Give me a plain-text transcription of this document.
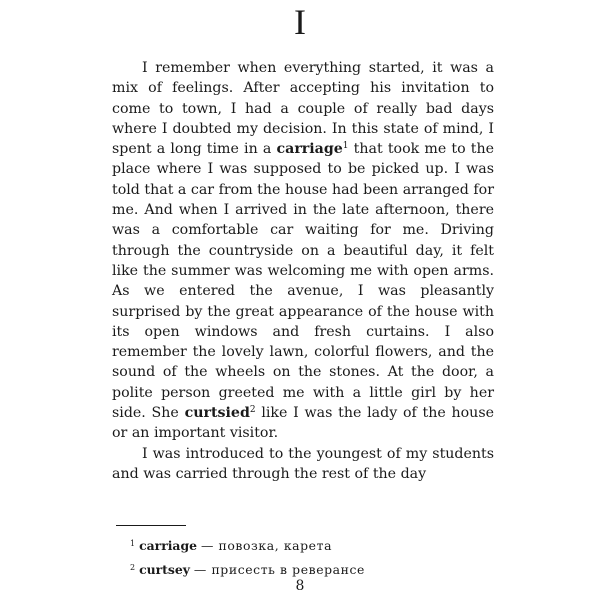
I

I remember when everything started, it was a mix of feelings. After accepting his invitation to come to town, I had a couple of really bad days where I doubted my decision. In this state of mind, I spent a long time in a carriage$^1$ that took me to the place where I was supposed to be picked up. I was told that a car from the house had been arranged for me. And when I arrived in the late afternoon, there was a comfortable car waiting for me. Driving through the countryside on a beautiful day, it felt like the summer was welcoming me with open arms. As we entered the avenue, I was pleasantly surprised by the great appearance of the house with its open windows and fresh curtains. I also remember the lovely lawn, colorful flowers, and the sound of the wheels on the stones. At the door, a polite person greeted me with a little girl by her side. She curtsied$^2$ like I was the lady of the house or an important visitor.

I was introduced to the youngest of my students and was carried through the rest of the day

$^1$ carriage — повозка, карета
$^2$ curtsey — присесть в реверансе
8
